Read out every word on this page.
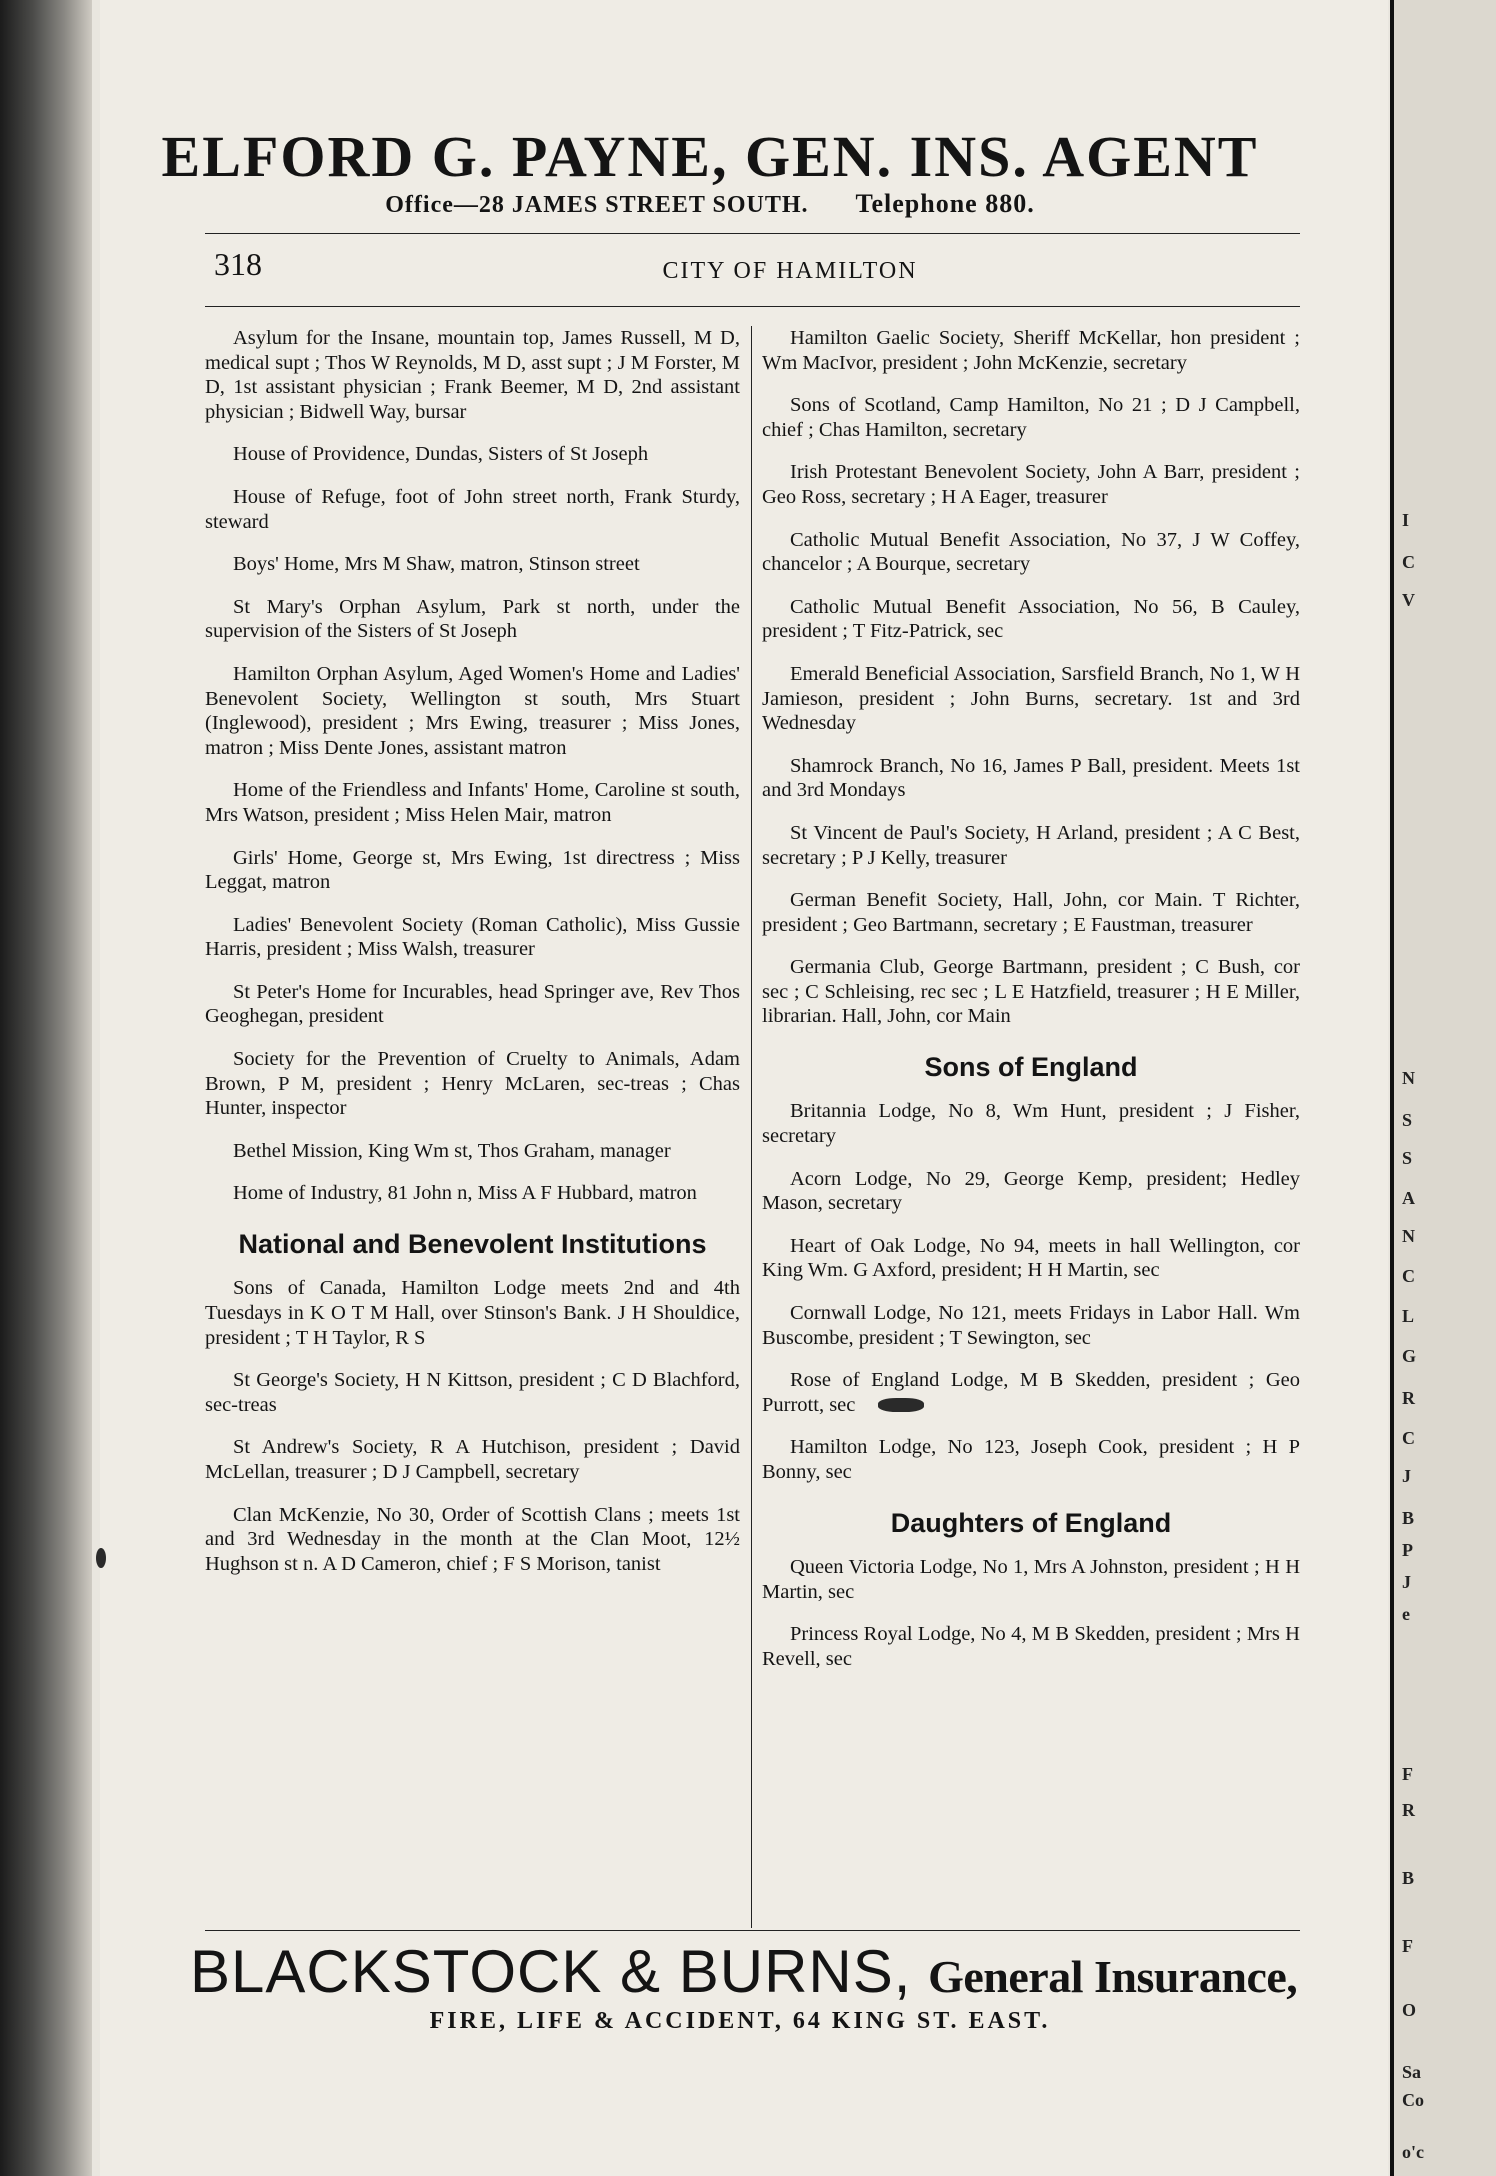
ELFORD G. PAYNE, GEN. INS. AGENT
Office—28 JAMES STREET SOUTH. Telephone 880.
318	CITY OF HAMILTON
Asylum for the Insane, mountain top, James Russell, M D, medical supt ; Thos W Reynolds, M D, asst supt ; J M Forster, M D, 1st assistant physician ; Frank Beemer, M D, 2nd assistant physician ; Bidwell Way, bursar
House of Providence, Dundas, Sisters of St Joseph
House of Refuge, foot of John street north, Frank Sturdy, steward
Boys' Home, Mrs M Shaw, matron, Stinson street
St Mary's Orphan Asylum, Park st north, under the supervision of the Sisters of St Joseph
Hamilton Orphan Asylum, Aged Women's Home and Ladies' Benevolent Society, Wellington st south, Mrs Stuart (Inglewood), president ; Mrs Ewing, treasurer ; Miss Jones, matron ; Miss Dente Jones, assistant matron
Home of the Friendless and Infants' Home, Caroline st south, Mrs Watson, president ; Miss Helen Mair, matron
Girls' Home, George st, Mrs Ewing, 1st directress ; Miss Leggat, matron
Ladies' Benevolent Society (Roman Catholic), Miss Gussie Harris, president ; Miss Walsh, treasurer
St Peter's Home for Incurables, head Springer ave, Rev Thos Geoghegan, president
Society for the Prevention of Cruelty to Animals, Adam Brown, P M, president ; Henry McLaren, sec-treas ; Chas Hunter, inspector
Bethel Mission, King Wm st, Thos Graham, manager
Home of Industry, 81 John n, Miss A F Hubbard, matron
National and Benevolent Institutions
Sons of Canada, Hamilton Lodge meets 2nd and 4th Tuesdays in K O T M Hall, over Stinson's Bank. J H Shouldice, president ; T H Taylor, R S
St George's Society, H N Kittson, president ; C D Blachford, sec-treas
St Andrew's Society, R A Hutchison, president ; David McLellan, treasurer ; D J Campbell, secretary
Clan McKenzie, No 30, Order of Scottish Clans ; meets 1st and 3rd Wednesday in the month at the Clan Moot, 12½ Hughson st n. A D Cameron, chief ; F S Morison, tanist
Hamilton Gaelic Society, Sheriff McKellar, hon president ; Wm MacIvor, president ; John McKenzie, secretary
Sons of Scotland, Camp Hamilton, No 21 ; D J Campbell, chief ; Chas Hamilton, secretary
Irish Protestant Benevolent Society, John A Barr, president ; Geo Ross, secretary ; H A Eager, treasurer
Catholic Mutual Benefit Association, No 37, J W Coffey, chancelor ; A Bourque, secretary
Catholic Mutual Benefit Association, No 56, B Cauley, president ; T Fitz-Patrick, sec
Emerald Beneficial Association, Sarsfield Branch, No 1, W H Jamieson, president ; John Burns, secretary. 1st and 3rd Wednesday
Shamrock Branch, No 16, James P Ball, president. Meets 1st and 3rd Mondays
St Vincent de Paul's Society, H Arland, president ; A C Best, secretary ; P J Kelly, treasurer
German Benefit Society, Hall, John, cor Main. T Richter, president ; Geo Bartmann, secretary ; E Faustman, treasurer
Germania Club, George Bartmann, president ; C Bush, cor sec ; C Schleising, rec sec ; L E Hatzfield, treasurer ; H E Miller, librarian. Hall, John, cor Main
Sons of England
Britannia Lodge, No 8, Wm Hunt, president ; J Fisher, secretary
Acorn Lodge, No 29, George Kemp, president; Hedley Mason, secretary
Heart of Oak Lodge, No 94, meets in hall Wellington, cor King Wm. G Axford, president; H H Martin, sec
Cornwall Lodge, No 121, meets Fridays in Labor Hall. Wm Buscombe, president ; T Sewington, sec
Rose of England Lodge, M B Skedden, president ; Geo Purrott, sec
Hamilton Lodge, No 123, Joseph Cook, president ; H P Bonny, sec
Daughters of England
Queen Victoria Lodge, No 1, Mrs A Johnston, president ; H H Martin, sec
Princess Royal Lodge, No 4, M B Skedden, president ; Mrs H Revell, sec
BLACKSTOCK & BURNS, General Insurance,
FIRE, LIFE & ACCIDENT, 64 KING ST. EAST.
I
C
V
N
S
S
A
N
C
L
G
R
C
J
B
P
J
e
F
R
B
F
O
Sa
Co
o'c
